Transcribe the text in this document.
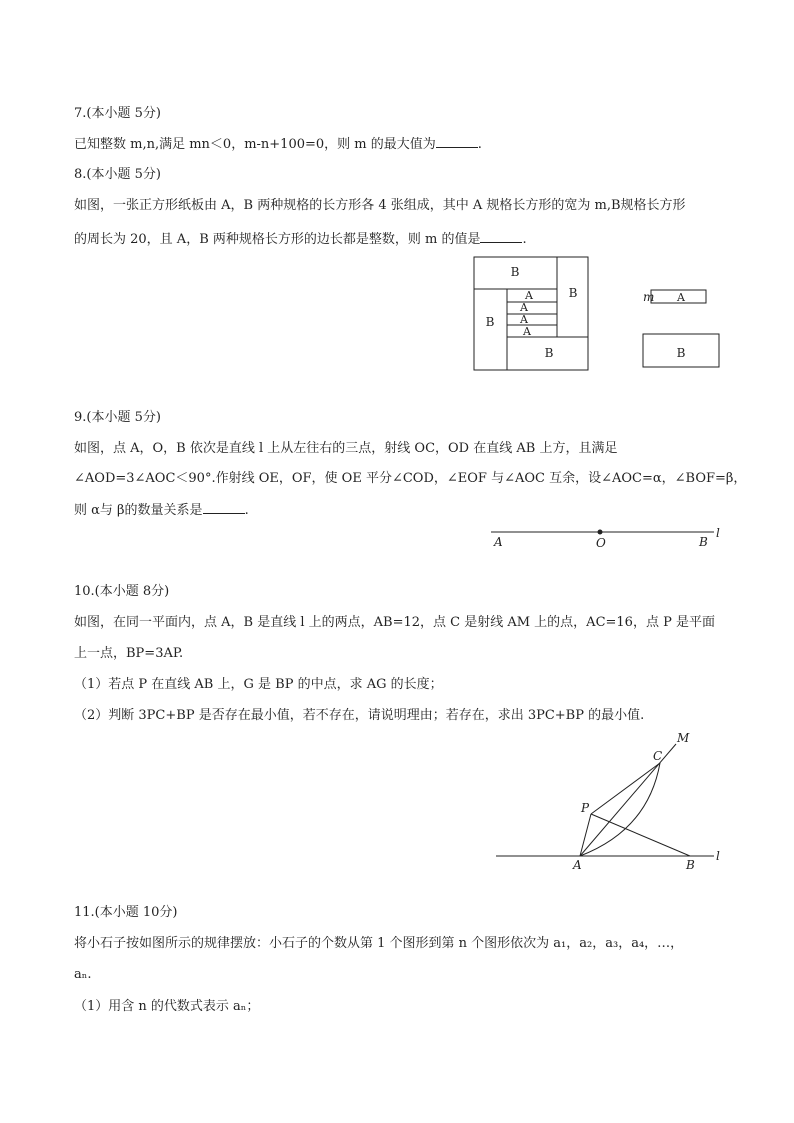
7.(本小题 5分)
已知整数 m,n,满足 mn＜0，m-n+100=0，则 m 的最大值为	.
8.(本小题 5分)
如图，一张正方形纸板由 A，B 两种规格的长方形各 4 张组成，其中 A 规格长方形的宽为 m,B规格长方形
的周长为 20，且 A，B 两种规格长方形的边长都是整数，则 m 的值是	.
B
B
B
B
A
A
A
A
m A
B
A	O	B
l
M
C
P
A	B
l
9.(本小题 5分)
如图，点 A，O，B 依次是直线 l 上从左往右的三点，射线 OC，OD 在直线 AB 上方，且满足
∠AOD=3∠AOC＜90°.作射线 OE，OF，使 OE 平分∠COD，∠EOF 与∠AOC 互余，设∠AOC=α，∠BOF=β，
则 α与 β的数量关系是	.
10.(本小题 8分)
如图，在同一平面内，点 A，B 是直线 l 上的两点，AB=12，点 C 是射线 AM 上的点，AC=16，点 P 是平面
上一点，BP=3AP.
（1）若点 P 在直线 AB 上，G 是 BP 的中点，求 AG 的长度；
（2）判断 3PC+BP 是否存在最小值，若不存在，请说明理由；若存在，求出 3PC+BP 的最小值.
11.(本小题 10分)
将小石子按如图所示的规律摆放：小石子的个数从第 1 个图形到第 n 个图形依次为 a₁，a₂，a₃，a₄，…，
aₙ.
（1）用含 n 的代数式表示 aₙ；
